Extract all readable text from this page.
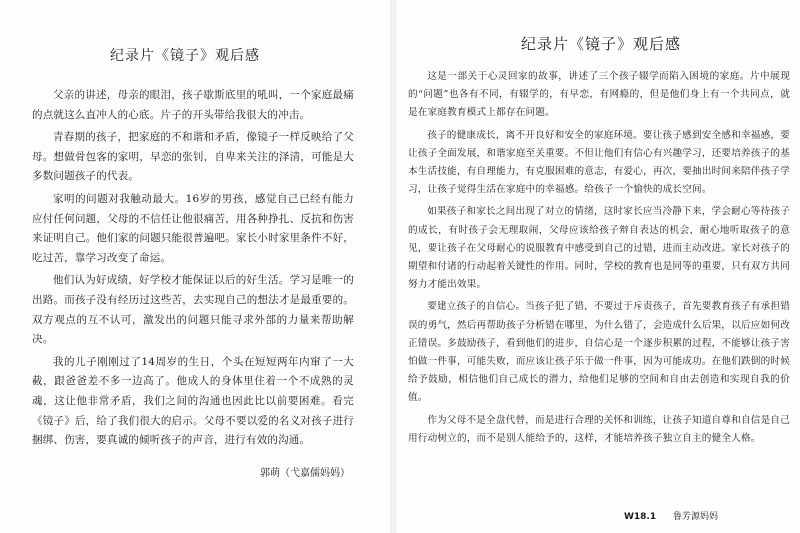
纪录片《镜子》观后感

父亲的讲述，母亲的眼泪，孩子歇斯底里的吼叫，一个家庭最痛的点就这么直冲人的心底。片子的开头带给我很大的冲击。

青春期的孩子，把家庭的不和谐和矛盾，像镜子一样反映给了父母。想做骨包客的家明，早恋的张钊，自卑来关注的泽清，可能是大多数问题孩子的代表。

家明的问题对我触动最大。16岁的男孩，感觉自己已经有能力应付任何问题，父母的不信任让他很痛苦，用各种挣扎、反抗和伤害来证明自己。他们家的问题只能很普遍吧。家长小时家里条件不好，吃过苦，靠学习改变了命运。

他们认为好成绩，好学校才能保证以后的好生活。学习是唯一的出路。而孩子没有经历过这些苦，去实现自己的想法才是最重要的。双方观点的互不认可，激发出的问题只能寻求外部的力量来帮助解决。

我的儿子刚刚过了14周岁的生日，个头在短短两年内窜了一大截，跟爸爸差不多一边高了。他成人的身体里住着一个不成熟的灵魂，这让他非常矛盾，我们之间的沟通也因此比以前要困难。看完《镜子》后，给了我们很大的启示。父母不要以爱的名义对孩子进行捆绑、伤害，要真诚的倾听孩子的声音，进行有效的沟通。

郭萌（弋嘉儒妈妈）
纪录片《镜子》观后感

这是一部关于心灵回家的故事，讲述了三个孩子辍学而陷入困境的家庭。片中展现的“问题”也各有不同，有辍学的，有早恋，有网瘾的，但是他们身上有一个共同点，就是在家庭教育模式上都存在问题。

孩子的健康成长，离不开良好和安全的家庭环境。要让孩子感到安全感和幸福感，要让孩子全面发展，和谐家庭至关重要。不但让他们有信心有兴趣学习，还要培养孩子的基本生活技能，有自理能力，有克服困难的意志，有爱心，再次，要抽出时间来陪伴孩子学习，让孩子觉得生活在家庭中的幸福感。给孩子一个愉快的成长空间。

如果孩子和家长之间出现了对立的情绪，这时家长应当冷静下来，学会耐心等待孩子的成长，有时孩子会无理取闹，父母应该给孩子辩自表达的机会，耐心地听取孩子的意见，要让孩子在父母耐心的说服教育中感受到自己的过错，进而主动改进。家长对孩子的期望和付诸的行动起着关键性的作用。同时，学校的教育也是同等的重要，只有双方共同努力才能出效果。

要建立孩子的自信心。当孩子犯了错，不要过于斥责孩子，首先要教育孩子有承担错误的勇气，然后再帮助孩子分析错在哪里，为什么错了，会造成什么后果，以后应如何改正错误。多鼓励孩子，看到他们的进步，自信心是一个逐步积累的过程，不能够让孩子害怕做一件事，可能失败，而应该让孩子乐于做一件事，因为可能成功。在他们跌倒的时候给予鼓励，相信他们自己成长的潜力，给他们足够的空间和自由去创造和实现自我的价值。

作为父母不是全盘代替，而是进行合理的关怀和训练，让孩子知道自尊和自信是自己用行动树立的，而不是别人能给予的，这样，才能培养孩子独立自主的健全人格。

W18.1 鲁芳源妈妈
